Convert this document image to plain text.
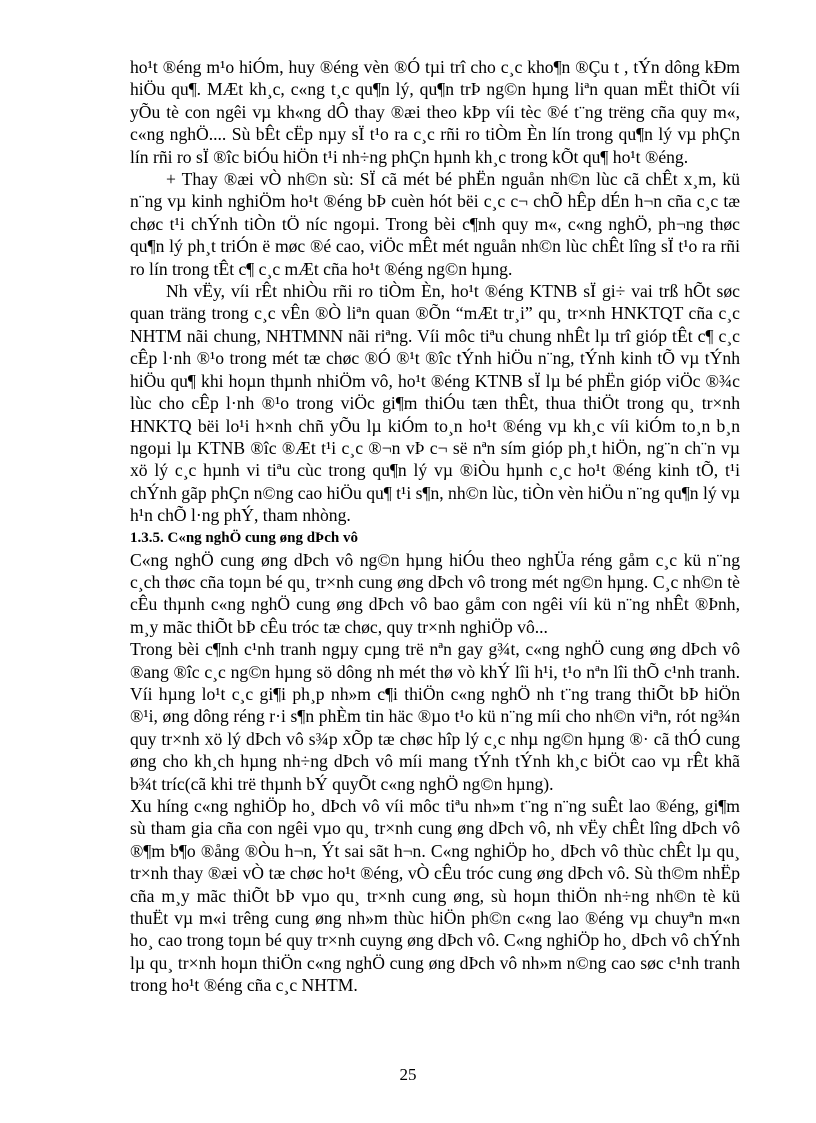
ho¹t ®éng m¹o hiÓm, huy ®éng vèn ®Ó tµi trî cho c¸c kho¶n ®Çu t , tÝn dông kÐm hiÖu qu¶. MÆt kh¸c, c«ng t¸c qu¶n lý, qu¶n trÞ ng©n hµng liªn quan mËt thiÕt víi yÕu tè con ngêi vµ kh«ng dÔ thay ®æi theo kÞp víi tèc ®é t¨ng trëng cña quy m«, c«ng nghÖ.... Sù bÊt cËp nµy sÏ t¹o ra c¸c rñi ro tiÒm Èn lín trong qu¶n lý vµ phÇn lín rñi ro sÏ ®îc biÓu hiÖn t¹i nh÷ng phÇn hµnh kh¸c trong kÕt qu¶ ho¹t ®éng.

+ Thay ®æi vÒ nh©n sù: SÏ cã mét bé phËn nguån nh©n lùc cã chÊt x¸m, kü n¨ng vµ kinh nghiÖm ho¹t ®éng bÞ cuèn hót bëi c¸c c¬ chÕ hÊp dÉn h¬n cña c¸c tæ chøc t¹i chÝnh tiÒn tÖ níc ngoµi. Trong bèi c¶nh quy m«, c«ng nghÖ, ph¬ng thøc qu¶n lý ph¸t triÓn ë møc ®é cao, viÖc mÊt mét nguån nh©n lùc chÊt lîng sÏ t¹o ra rñi ro lín trong tÊt c¶ c¸c mÆt cña ho¹t ®éng ng©n hµng.

Nh vËy, víi rÊt nhiÒu rñi ro tiÒm Èn, ho¹t ®éng KTNB sÏ gi÷ vai trß hÕt søc quan träng trong c¸c vÊn ®Ò liªn quan ®Õn “mÆt tr¸i” qu¸ tr×nh HNKTQT cña c¸c NHTM nãi chung, NHTMNN nãi riªng. Víi môc tiªu chung nhÊt lµ trî gióp tÊt c¶ c¸c cÊp l·nh ®¹o trong mét tæ chøc ®Ó ®¹t ®îc tÝnh hiÖu n¨ng, tÝnh kinh tÕ vµ tÝnh hiÖu qu¶ khi hoµn thµnh nhiÖm vô, ho¹t ®éng KTNB sÏ lµ bé phËn gióp viÖc ®¾c lùc cho cÊp l·nh ®¹o trong viÖc gi¶m thiÓu tæn thÊt, thua thiÖt trong qu¸ tr×nh HNKTQ bëi lo¹i h×nh chñ yÕu lµ kiÓm to¸n ho¹t ®éng vµ kh¸c víi kiÓm to¸n b¸n ngoµi lµ KTNB ®îc ®Æt t¹i c¸c ®¬n vÞ c¬ së nªn sím gióp ph¸t hiÖn, ng¨n ch¨n vµ xö lý c¸c hµnh vi tiªu cùc trong qu¶n lý vµ ®iÒu hµnh c¸c ho¹t ®éng kinh tÕ, t¹i chÝnh gãp phÇn n©ng cao hiÖu qu¶ t¹i s¶n, nh©n lùc, tiÒn vèn hiÖu n¨ng qu¶n lý vµ h¹n chÕ l·ng phÝ, tham nhòng.

1.3.5. C«ng nghÖ cung øng dÞch vô

C«ng nghÖ cung øng dÞch vô ng©n hµng hiÓu theo nghÜa réng gåm c¸c kü n¨ng c¸ch thøc cña toµn bé qu¸ tr×nh cung øng dÞch vô trong mét ng©n hµng. C¸c nh©n tè cÊu thµnh c«ng nghÖ cung øng dÞch vô bao gåm con ngêi víi kü n¨ng nhÊt ®Þnh, m¸y mãc thiÕt bÞ cÊu tróc tæ chøc, quy tr×nh nghiÖp vô...

Trong bèi c¶nh c¹nh tranh ngµy cµng trë nªn gay g¾t, c«ng nghÖ cung øng dÞch vô ®ang ®îc c¸c ng©n hµng sö dông nh mét thø vò khÝ lîi h¹i, t¹o nªn lîi thÕ c¹nh tranh. Víi hµng lo¹t c¸c gi¶i ph¸p nh»m c¶i thiÖn c«ng nghÖ nh t¨ng trang thiÕt bÞ hiÖn ®¹i, øng dông réng r·i s¶n phÈm tin häc ®µo t¹o kü n¨ng míi cho nh©n viªn, rót ng¾n quy tr×nh xö lý dÞch vô s¾p xÕp tæ chøc hîp lý c¸c nhµ ng©n hµng ®· cã thÓ cung øng cho kh¸ch hµng nh÷ng dÞch vô míi mang tÝnh tÝnh kh¸c biÖt cao vµ rÊt khã b¾t tríc(cã khi trë thµnh bÝ quyÕt c«ng nghÖ ng©n hµng).

Xu híng c«ng nghiÖp ho¸ dÞch vô víi môc tiªu nh»m t¨ng n¨ng suÊt lao ®éng, gi¶m sù tham gia cña con ngêi vµo qu¸ tr×nh cung øng dÞch vô, nh vËy chÊt lîng dÞch vô ®¶m b¶o ®ång ®Òu h¬n, Ýt sai sãt h¬n. C«ng nghiÖp ho¸ dÞch vô thùc chÊt lµ qu¸ tr×nh thay ®æi vÒ tæ chøc ho¹t ®éng, vÒ cÊu tróc cung øng dÞch vô. Sù th©m nhËp cña m¸y mãc thiÕt bÞ vµo qu¸ tr×nh cung øng, sù hoµn thiÖn nh÷ng nh©n tè kü thuËt vµ m«i trêng cung øng nh»m thùc hiÖn ph©n c«ng lao ®éng vµ chuyªn m«n ho¸ cao trong toµn bé quy tr×nh cuyng øng dÞch vô. C«ng nghiÖp ho¸ dÞch vô chÝnh lµ qu¸ tr×nh hoµn thiÖn c«ng nghÖ cung øng dÞch vô nh»m n©ng cao søc c¹nh tranh trong ho¹t ®éng cña c¸c NHTM.

25
